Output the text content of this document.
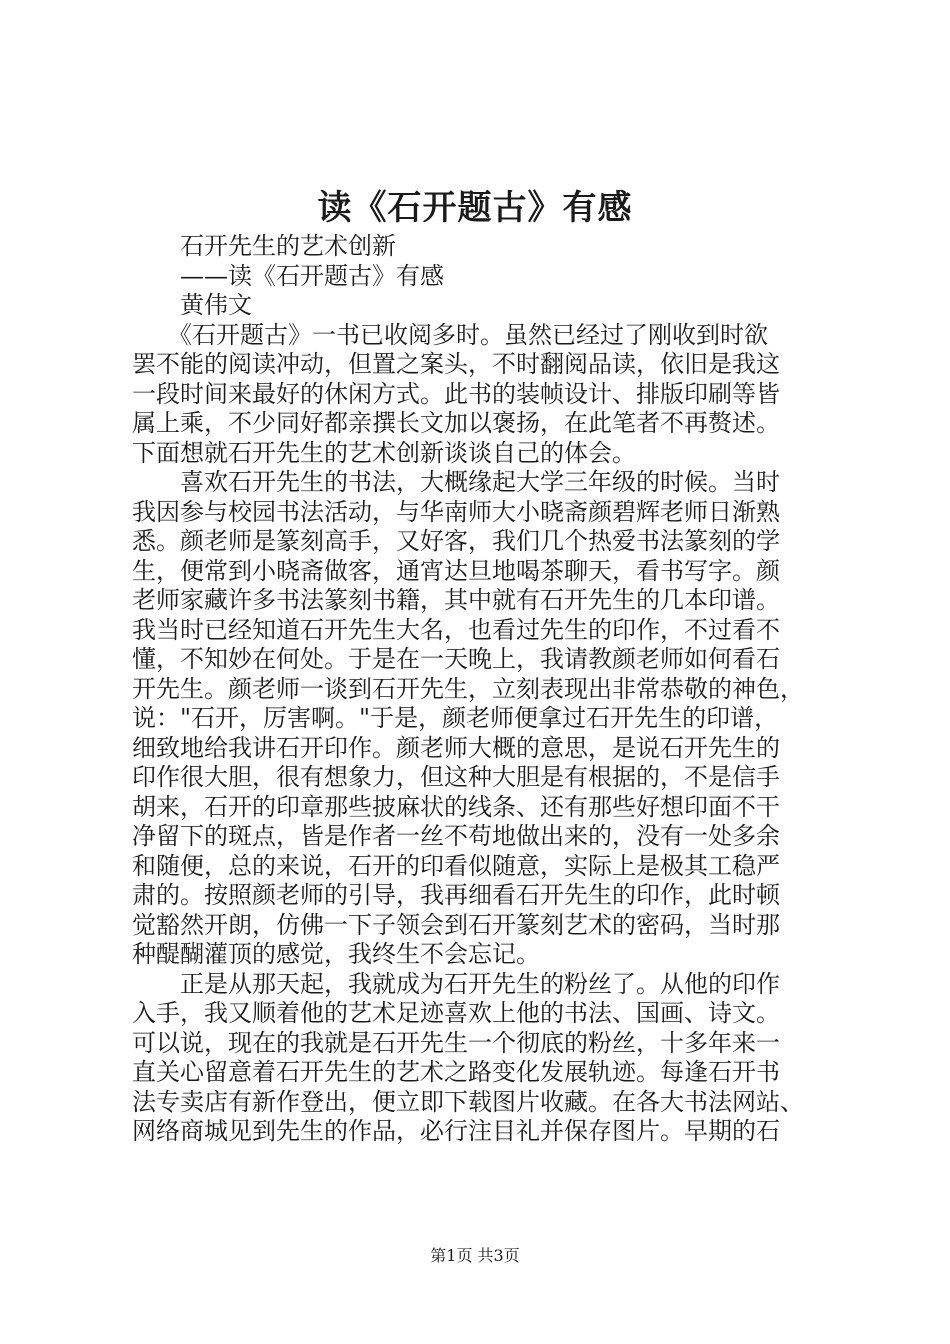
读《石开题古》有感

石开先生的艺术创新

——读《石开题古》有感

黄伟文

　　《石开题古》一书已收阅多时。虽然已经过了刚收到时欲

罢不能的阅读冲动，但置之案头，不时翻阅品读，依旧是我这

一段时间来最好的休闲方式。此书的装帧设计、排版印刷等皆

属上乘，不少同好都亲撰长文加以褒扬，在此笔者不再赘述。

下面想就石开先生的艺术创新谈谈自己的体会。

　　喜欢石开先生的书法，大概缘起大学三年级的时候。当时

我因参与校园书法活动，与华南师大小晓斋颜碧辉老师日渐熟

悉。颜老师是篆刻高手，又好客，我们几个热爱书法篆刻的学

生，便常到小晓斋做客，通宵达旦地喝茶聊天，看书写字。颜

老师家藏许多书法篆刻书籍，其中就有石开先生的几本印谱。

我当时已经知道石开先生大名，也看过先生的印作，不过看不

懂，不知妙在何处。于是在一天晚上，我请教颜老师如何看石

开先生。颜老师一谈到石开先生，立刻表现出非常恭敬的神色，

说："石开，厉害啊。"于是，颜老师便拿过石开先生的印谱，

细致地给我讲石开印作。颜老师大概的意思，是说石开先生的

印作很大胆，很有想象力，但这种大胆是有根据的，不是信手

胡来，石开的印章那些披麻状的线条、还有那些好想印面不干

净留下的斑点，皆是作者一丝不苟地做出来的，没有一处多余

和随便，总的来说，石开的印看似随意，实际上是极其工稳严

肃的。按照颜老师的引导，我再细看石开先生的印作，此时顿

觉豁然开朗，仿佛一下子领会到石开篆刻艺术的密码，当时那

种醍醐灌顶的感觉，我终生不会忘记。

　　正是从那天起，我就成为石开先生的粉丝了。从他的印作

入手，我又顺着他的艺术足迹喜欢上他的书法、国画、诗文。

可以说，现在的我就是石开先生一个彻底的粉丝，十多年来一

直关心留意着石开先生的艺术之路变化发展轨迹。每逢石开书

法专卖店有新作登出，便立即下载图片收藏。在各大书法网站、

网络商城见到先生的作品，必行注目礼并保存图片。早期的石

第1页 共3页
